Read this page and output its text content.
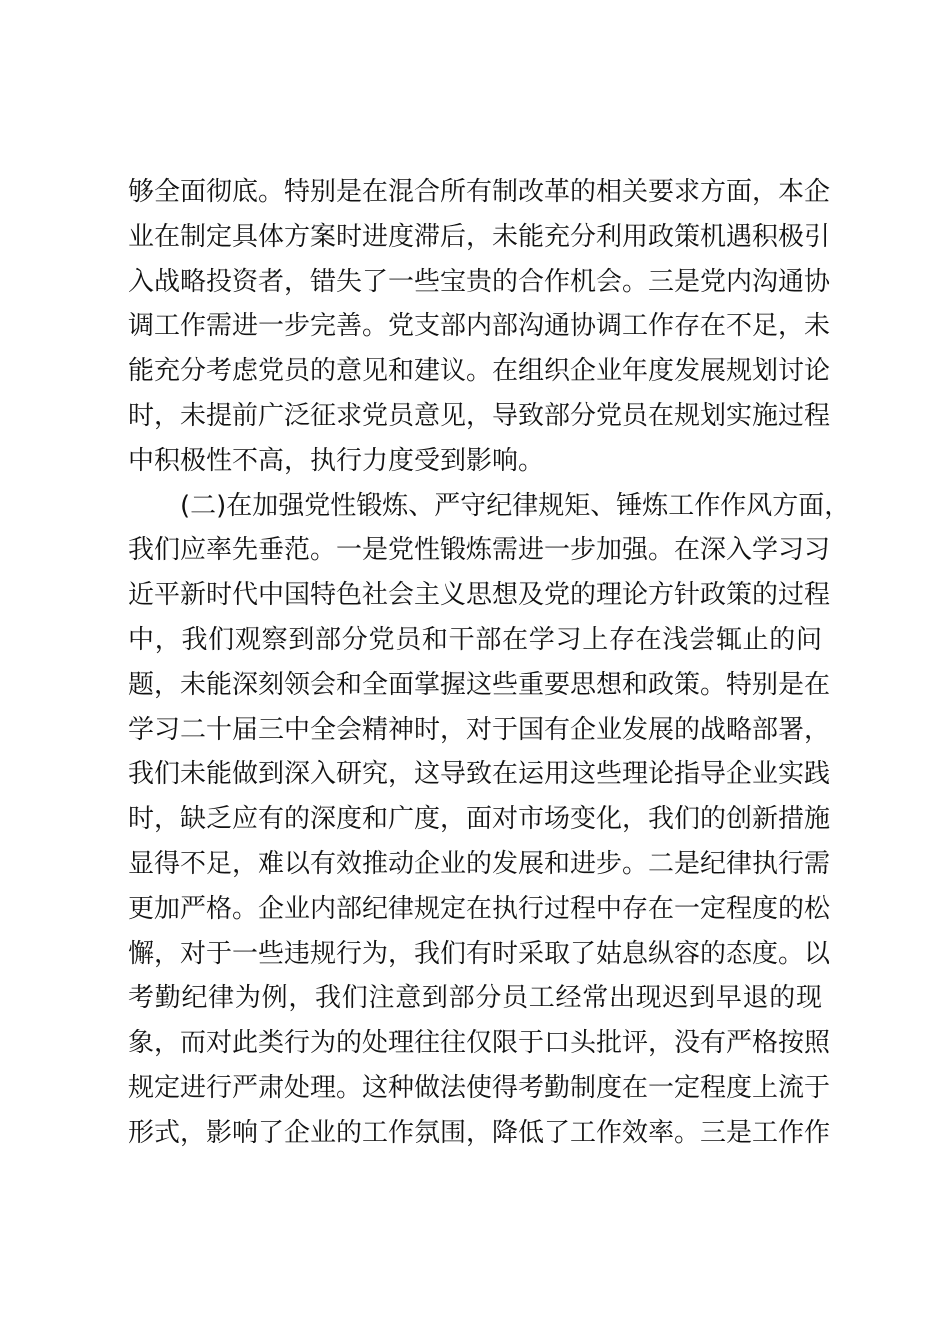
够全面彻底。特别是在混合所有制改革的相关要求方面，本企
业在制定具体方案时进度滞后，未能充分利用政策机遇积极引
入战略投资者，错失了一些宝贵的合作机会。三是党内沟通协
调工作需进一步完善。党支部内部沟通协调工作存在不足，未
能充分考虑党员的意见和建议。在组织企业年度发展规划讨论
时，未提前广泛征求党员意见，导致部分党员在规划实施过程
中积极性不高，执行力度受到影响。
(二)在加强党性锻炼、严守纪律规矩、锤炼工作作风方面，
我们应率先垂范。一是党性锻炼需进一步加强。在深入学习习
近平新时代中国特色社会主义思想及党的理论方针政策的过程
中，我们观察到部分党员和干部在学习上存在浅尝辄止的问
题，未能深刻领会和全面掌握这些重要思想和政策。特别是在
学习二十届三中全会精神时，对于国有企业发展的战略部署，
我们未能做到深入研究，这导致在运用这些理论指导企业实践
时，缺乏应有的深度和广度，面对市场变化，我们的创新措施
显得不足，难以有效推动企业的发展和进步。二是纪律执行需
更加严格。企业内部纪律规定在执行过程中存在一定程度的松
懈，对于一些违规行为，我们有时采取了姑息纵容的态度。以
考勤纪律为例，我们注意到部分员工经常出现迟到早退的现
象，而对此类行为的处理往往仅限于口头批评，没有严格按照
规定进行严肃处理。这种做法使得考勤制度在一定程度上流于
形式，影响了企业的工作氛围，降低了工作效率。三是工作作
